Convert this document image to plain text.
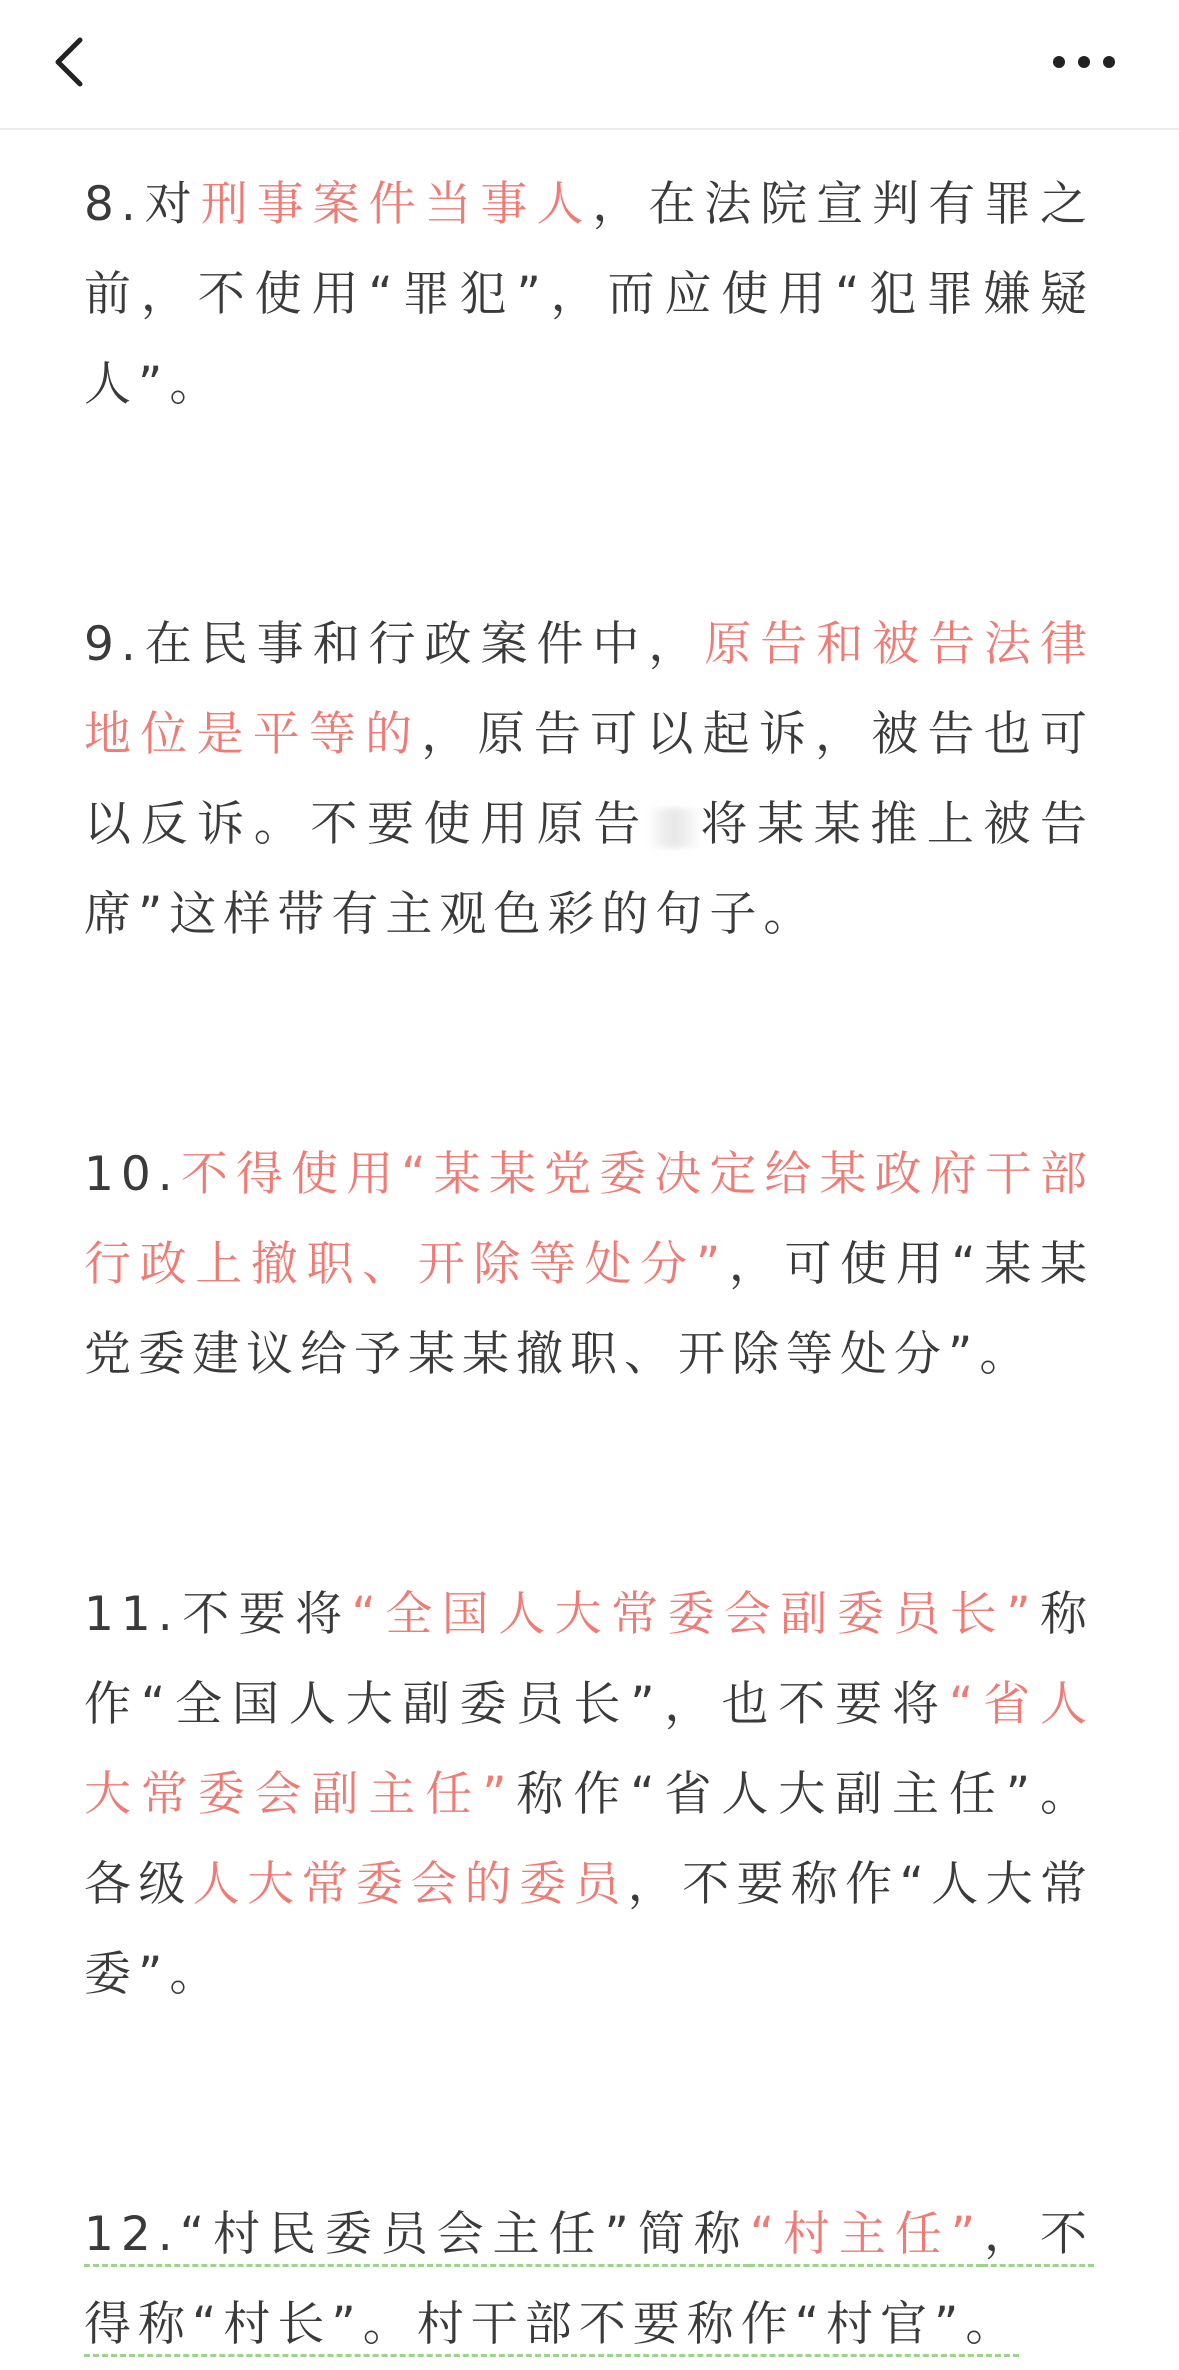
8.对刑事案件当事人，在法院宣判有罪之前，不使用“罪犯”，而应使用“犯罪嫌疑人”。

9.在民事和行政案件中，原告和被告法律地位是平等的，原告可以起诉，被告也可以反诉。不要使用原告 将某某推上被告席”这样带有主观色彩的句子。

10.不得使用“某某党委决定给某政府干部行政上撤职、开除等处分”，可使用“某某党委建议给予某某撤职、开除等处分”。

11.不要将“全国人大常委会副委员长”称作“全国人大副委员长”，也不要将“省人大常委会副主任”称作“省人大副主任”。各级人大常委会的委员，不要称作“人大常委”。

12.“村民委员会主任”简称“村主任”，不得称“村长”。村干部不要称作“村官”。
